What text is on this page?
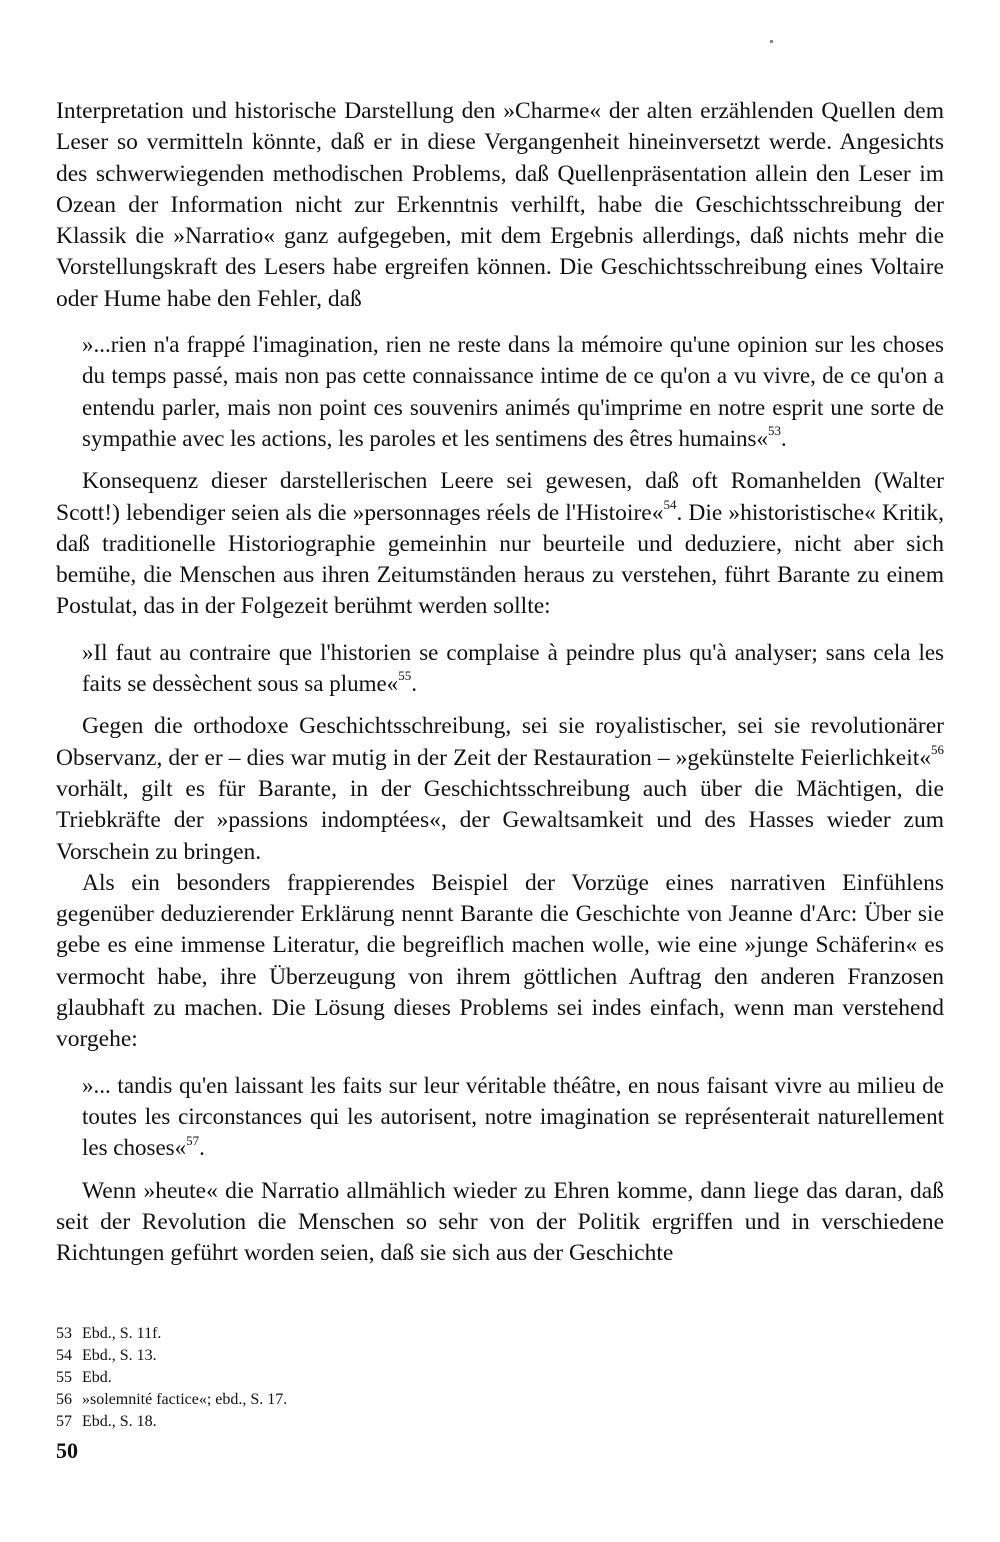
Interpretation und historische Darstellung den »Charme« der alten erzählenden Quellen dem Leser so vermitteln könnte, daß er in diese Vergangenheit hineinversetzt werde. Angesichts des schwerwiegenden methodischen Problems, daß Quellenpräsentation allein den Leser im Ozean der Information nicht zur Erkenntnis verhilft, habe die Geschichtsschreibung der Klassik die »Narratio« ganz aufgegeben, mit dem Ergebnis allerdings, daß nichts mehr die Vorstellungskraft des Lesers habe ergreifen können. Die Geschichtsschreibung eines Voltaire oder Hume habe den Fehler, daß

»...rien n'a frappé l'imagination, rien ne reste dans la mémoire qu'une opinion sur les choses du temps passé, mais non pas cette connaissance intime de ce qu'on a vu vivre, de ce qu'on a entendu parler, mais non point ces souvenirs animés qu'imprime en notre esprit une sorte de sympathie avec les actions, les paroles et les sentimens des êtres humains«$^{53}$.

Konsequenz dieser darstellerischen Leere sei gewesen, daß oft Romanhelden (Walter Scott!) lebendiger seien als die »personnages réels de l'Histoire«$^{54}$. Die »historistische« Kritik, daß traditionelle Historiographie gemeinhin nur beurteile und deduziere, nicht aber sich bemühe, die Menschen aus ihren Zeitumständen heraus zu verstehen, führt Barante zu einem Postulat, das in der Folgezeit berühmt werden sollte:

»Il faut au contraire que l'historien se complaise à peindre plus qu'à analyser; sans cela les faits se dessèchent sous sa plume«$^{55}$.

Gegen die orthodoxe Geschichtsschreibung, sei sie royalistischer, sei sie revolutionärer Observanz, der er – dies war mutig in der Zeit der Restauration – »gekünstelte Feierlichkeit«$^{56}$ vorhält, gilt es für Barante, in der Geschichtsschreibung auch über die Mächtigen, die Triebkräfte der »passions indomptées«, der Gewaltsamkeit und des Hasses wieder zum Vorschein zu bringen.

Als ein besonders frappierendes Beispiel der Vorzüge eines narrativen Einfühlens gegenüber deduzierender Erklärung nennt Barante die Geschichte von Jeanne d'Arc: Über sie gebe es eine immense Literatur, die begreiflich machen wolle, wie eine »junge Schäferin« es vermocht habe, ihre Überzeugung von ihrem göttlichen Auftrag den anderen Franzosen glaubhaft zu machen. Die Lösung dieses Problems sei indes einfach, wenn man verstehend vorgehe:

»... tandis qu'en laissant les faits sur leur véritable théâtre, en nous faisant vivre au milieu de toutes les circonstances qui les autorisent, notre imagination se représenterait naturellement les choses«$^{57}$.

Wenn »heute« die Narratio allmählich wieder zu Ehren komme, dann liege das daran, daß seit der Revolution die Menschen so sehr von der Politik ergriffen und in verschiedene Richtungen geführt worden seien, daß sie sich aus der Geschichte

53 Ebd., S. 11f.
54 Ebd., S. 13.
55 Ebd.
56 »solemnité factice«; ebd., S. 17.
57 Ebd., S. 18.
50
